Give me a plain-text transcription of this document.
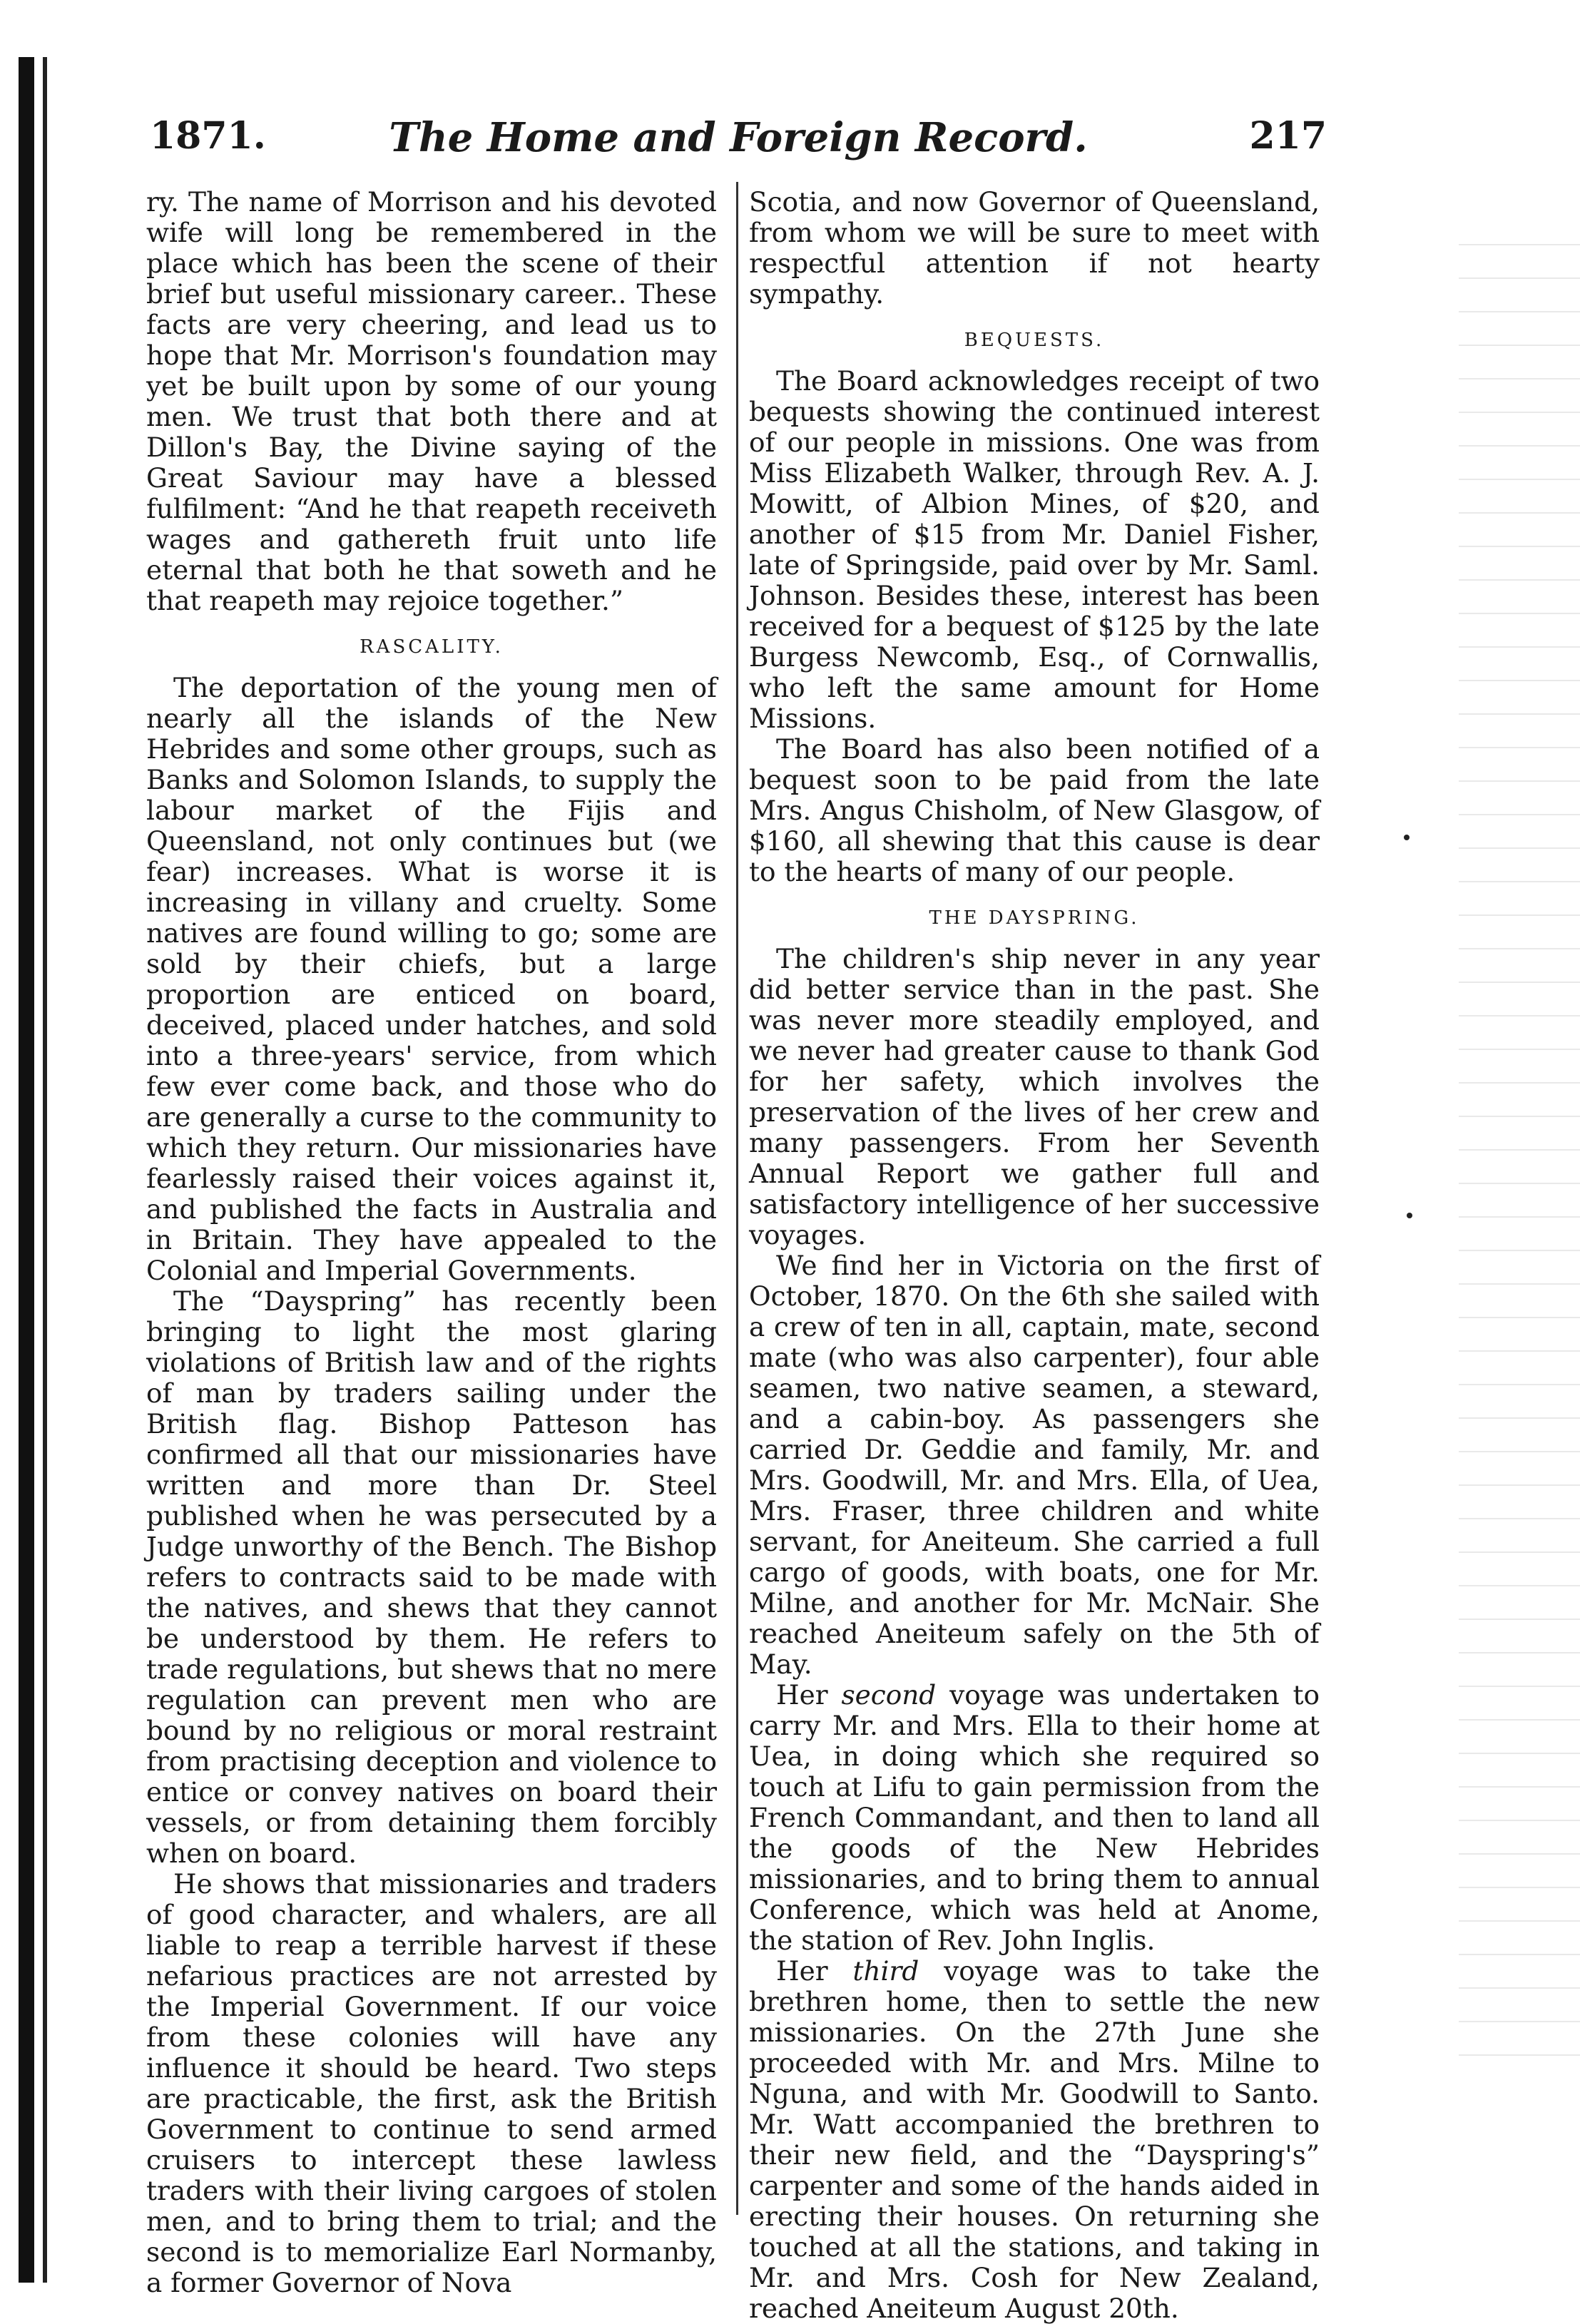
1871.	The Home and Foreign Record.	217

ry. The name of Morrison and his devoted wife will long be remembered in the place which has been the scene of their brief but useful missionary career.. These facts are very cheering, and lead us to hope that Mr. Morrison's foundation may yet be built upon by some of our young men. We trust that both there and at Dillon's Bay, the Divine saying of the Great Saviour may have a blessed fulfilment: “And he that reapeth receiveth wages and gathereth fruit unto life eternal that both he that soweth and he that reapeth may rejoice together.”

RASCALITY.

The deportation of the young men of nearly all the islands of the New Hebrides and some other groups, such as Banks and Solomon Islands, to supply the labour market of the Fijis and Queensland, not only continues but (we fear) increases. What is worse it is increasing in villany and cruelty. Some natives are found willing to go; some are sold by their chiefs, but a large proportion are enticed on board, deceived, placed under hatches, and sold into a three-years' service, from which few ever come back, and those who do are generally a curse to the community to which they return. Our missionaries have fearlessly raised their voices against it, and published the facts in Australia and in Britain. They have appealed to the Colonial and Imperial Governments.

The “Dayspring” has recently been bringing to light the most glaring violations of British law and of the rights of man by traders sailing under the British flag. Bishop Patteson has confirmed all that our missionaries have written and more than Dr. Steel published when he was persecuted by a Judge unworthy of the Bench. The Bishop refers to contracts said to be made with the natives, and shews that they cannot be understood by them. He refers to trade regulations, but shews that no mere regulation can prevent men who are bound by no religious or moral restraint from practising deception and violence to entice or convey natives on board their vessels, or from detaining them forcibly when on board.

He shows that missionaries and traders of good character, and whalers, are all liable to reap a terrible harvest if these nefarious practices are not arrested by the Imperial Government. If our voice from these colonies will have any influence it should be heard. Two steps are practicable, the first, ask the British Government to continue to send armed cruisers to intercept these lawless traders with their living cargoes of stolen men, and to bring them to trial; and the second is to memorialize Earl Normanby, a former Governor of Nova

Scotia, and now Governor of Queensland, from whom we will be sure to meet with respectful attention if not hearty sympathy.

BEQUESTS.

The Board acknowledges receipt of two bequests showing the continued interest of our people in missions. One was from Miss Elizabeth Walker, through Rev. A. J. Mowitt, of Albion Mines, of $20, and another of $15 from Mr. Daniel Fisher, late of Springside, paid over by Mr. Saml. Johnson. Besides these, interest has been received for a bequest of $125 by the late Burgess Newcomb, Esq., of Cornwallis, who left the same amount for Home Missions.

The Board has also been notified of a bequest soon to be paid from the late Mrs. Angus Chisholm, of New Glasgow, of $160, all shewing that this cause is dear to the hearts of many of our people.

THE DAYSPRING.

The children's ship never in any year did better service than in the past. She was never more steadily employed, and we never had greater cause to thank God for her safety, which involves the preservation of the lives of her crew and many passengers. From her Seventh Annual Report we gather full and satisfactory intelligence of her successive voyages.

We find her in Victoria on the first of October, 1870. On the 6th she sailed with a crew of ten in all, captain, mate, second mate (who was also carpenter), four able seamen, two native seamen, a steward, and a cabin-boy. As passengers she carried Dr. Geddie and family, Mr. and Mrs. Goodwill, Mr. and Mrs. Ella, of Uea, Mrs. Fraser, three children and white servant, for Aneiteum. She carried a full cargo of goods, with boats, one for Mr. Milne, and another for Mr. McNair. She reached Aneiteum safely on the 5th of May.

Her second voyage was undertaken to carry Mr. and Mrs. Ella to their home at Uea, in doing which she required so touch at Lifu to gain permission from the French Commandant, and then to land all the goods of the New Hebrides missionaries, and to bring them to annual Conference, which was held at Anome, the station of Rev. John Inglis.

Her third voyage was to take the brethren home, then to settle the new missionaries. On the 27th June she proceeded with Mr. and Mrs. Milne to Nguna, and with Mr. Goodwill to Santo. Mr. Watt accompanied the brethren to their new field, and the “Dayspring's” carpenter and some of the hands aided in erecting their houses. On returning she touched at all the stations, and taking in Mr. and Mrs. Cosh for New Zealand, reached Aneiteum August 20th.
